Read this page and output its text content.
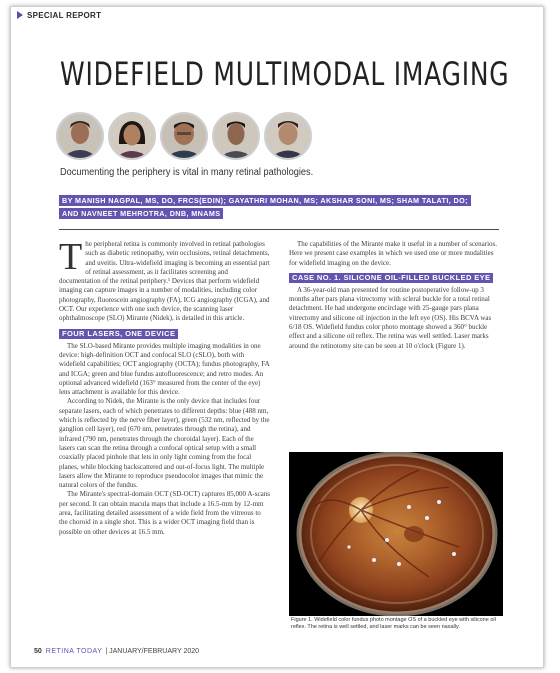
SPECIAL REPORT
WIDEFIELD MULTIMODAL IMAGING
Documenting the periphery is vital in many retinal pathologies.
BY MANISH NAGPAL, MS, DO, FRCS(EDIN); GAYATHRI MOHAN, MS; AKSHAR SONI, MS; SHAM TALATI, DO;
AND NAVNEET MEHROTRA, DNB, MNAMS

The peripheral retina is commonly involved in retinal pathologies such as diabetic retinopathy, vein occlusions, retinal detachments, and uveitis. Ultra-widefield imaging is becoming an essential part of retinal assessment, as it facilitates screening and documentation of the retinal periphery.¹ Devices that perform widefield imaging can capture images in a number of modalities, including color photography, fluorescein angiography (FA), ICG angiography (ICGA), and OCT. Our experience with one such device, the scanning laser ophthalmoscope (SLO) Mirante (Nidek), is detailed in this article.

FOUR LASERS, ONE DEVICE

The SLO-based Mirante provides multiple imaging modalities in one device: high-definition OCT and confocal SLO (cSLO), both with widefield capabilities; OCT angiography (OCTA); fundus photography, FA and ICGA; green and blue fundus autofluorescence; and retro modes. An optional advanced widefield (163° measured from the center of the eye) lens attachment is available for this device.

According to Nidek, the Mirante is the only device that includes four separate lasers, each of which penetrates to different depths: blue (488 nm, which is reflected by the nerve fiber layer), green (532 nm, reflected by the ganglion cell layer), red (670 nm, penetrates through the retina), and infrared (790 nm, penetrates through the choroidal layer). Each of the lasers can scan the retina through a confocal optical setup with a small coaxially placed pinhole that lets in only light coming from the focal planes, while blocking backscattered and out-of-focus light. The multiple lasers allow the Mirante to reproduce pseudocolor images that mimic the natural colors of the fundus.

The Mirante's spectral-domain OCT (SD-OCT) captures 85,000 A-scans per second. It can obtain macula maps that include a 16.5-mm by 12-mm area, facilitating detailed assessment of a wide field from the vitreous to the choroid in a single shot. This is a wider OCT imaging field than is possible on other devices at 16.5 mm.

The capabilities of the Mirante make it useful in a number of scenarios. Here we present case examples in which we used one or more modalities for widefield imaging on the device.

CASE NO. 1. SILICONE OIL-FILLED BUCKLED EYE

A 36-year-old man presented for routine postoperative follow-up 3 months after pars plana vitrectomy with scleral buckle for a total retinal detachment. He had undergone encirclage with 25-gauge pars plana vitrectomy and silicone oil injection in the left eye (OS). His BCVA was 6/18 OS. Widefield fundus color photo montage showed a 360° buckle effect and a silicone oil reflex. The retina was well settled. Laser marks around the retinotomy site can be seen at 10 o'clock (Figure 1).

Figure 1. Widefield color fundus photo montage OS of a buckled eye with silicone oil reflex. The retina is well settled, and laser marks can be seen nasally.
50 RETINA TODAY | JANUARY/FEBRUARY 2020
